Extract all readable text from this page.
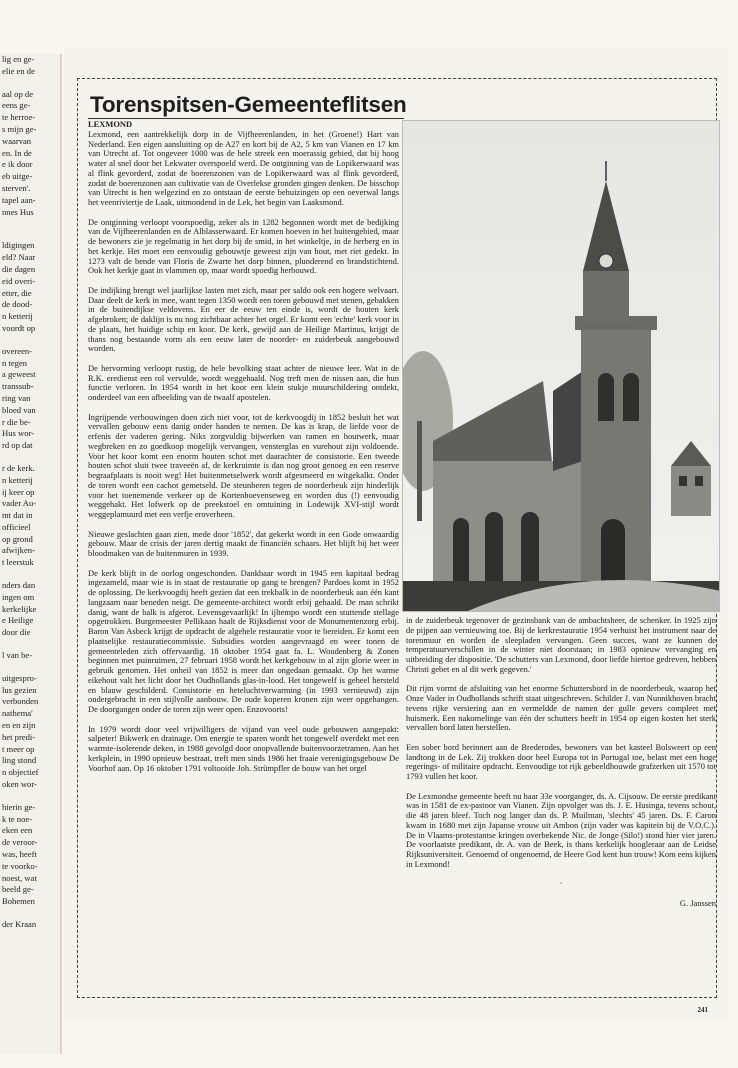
lig en ge-

elie en de

aal op de

eens ge-

te herroe-

s mijn ge-

waarvan

en. In de

e ik door

eb uitge-

sterven'.

tapel aan-

nnes Hus

ldigingen

eld? Naar

die dagen

eid overi-

etter, die

de dood-

n ketterij

voordt op

overeen-

n tegen

a geweest

transsub-

ring van

bloed van

r die be-

Hus wor-

rd op dat

r de kerk.

n ketterij

ij keer op

vader Au-

mt dat in

officieel

op grond

afwijken-

t leerstuk

nders dan

ingen om

kerkelijke

e Heilige

door die

l van be-

uitgespro-

lus gezien

verbonden

nathema'

en en zijn

het predi-

t meer op

ling stond

n objectief

oken wor-

hierin ge-

k te noe-

eken een

de veroor-

was, heeft

te voorko-

noest, wat

beeld ge-

Bohemen

der Kraan

Torenspitsen-Gemeenteflitsen

LEXMOND

Lexmond, een aantrekkelijk dorp in de Vijfheerenlanden, in het (Groene!) Hart van Nederland. Een eigen aansluiting op de A27 en kort bij de A2, 5 km van Vianen en 17 km van Utrecht af. Tot ongeveer 1000 was de hele streek een moerassig gebied, dat bij hoog water al snel door het Lekwater overspoeld werd. De ontginning van de Lopikerwaard was al flink gevorderd, zodat de boerenzonen van de Lopikerwaard was al flink gevorderd, zodat de boerenzonen aan cultivatie van de Overlekse gronden gingen denken. De bisschop van Utrecht is hen welgezind en zo ontstaan de eerste behuizingen op een oeverwal langs het veenriviertje de Laak, uitmondend in de Lek, het begin van Laaksmond.

De ontginning verloopt voorspoedig, zeker als in 1282 begonnen wordt met de bedijking van de Vijfheerenlanden en de Alblasserwaard. Er komen hoeven in het buitengebied, maar de bewoners zie je regelmatig in het dorp bij de smid, in het winkeltje, in de herberg en in het kerkje. Het moet een eenvoudig gebouwtje geweest zijn van hout, met riet gedekt. In 1273 valt de bende van Floris de Zwarte het dorp binnen, plunderend en brandstichtend. Ook het kerkje gaat in vlammen op, maar wordt spoedig herbouwd.

De indijking brengt wel jaarlijkse lasten met zich, maar per saldo ook een hogere welvaart. Daar deelt de kerk in mee, want tegen 1350 wordt een toren gebouwd met stenen, gebakken in de buitendijkse veldovens. En eer de eeuw ten einde is, wordt de houten kerk afgebroken; de daklijn is nu nog zichtbaar achter het orgel. Er komt een 'echte' kerk voor in de plaats, het huidige schip en koor. De kerk, gewijd aan de Heilige Martinus, krijgt de thans nog bestaande vorm als een eeuw later de noorder- en zuiderbeuk aangebouwd worden.

De hervorming verloopt rustig, de hele bevolking staat achter de nieuwe leer. Wat in de R.K. eredienst een rol vervulde, wordt weggehaald. Nog treft men de nissen aan, die hun functie verloren. In 1954 wordt in het koor een klein stukje muurschildering ontdekt, onderdeel van een afbeelding van de twaalf apostelen.

Ingrijpende verbouwingen doen zich niet voor, tot de kerkvoogdij in 1852 besluit het wat vervallen gebouw eens danig onder handen te nemen. De kas is krap, de liefde voor de erfenis der vaderen gering. Niks zorgvuldig bijwerken van ramen en houtwerk, maar wegbreken en zo goedkoop mogelijk vervangen, vensterglas en vurehout zijn voldoende. Voor het koor komt een enorm houten schot met daarachter de consistorie. Een tweede houten schot sluit twee traveeën af, de kerkruimte is dan nog groot genoeg en een reserve begraafplaats is nooit weg! Het buitenmetselwerk wordt afgesmeerd en witgekalkt. Onder de toren wordt een cachot gemetseld. De steunberen tegen de noorderbeuk zijn hinderlijk voor het toenemende verkeer op de Kortenhoevenseweg en worden dus (!) eenvoudig weggehakt. Het lofwerk op de preekstoel en omtuining in Lodewijk XVI-stijl wordt weggeplamuurd met een verfje eroverheen.

Nieuwe geslachten gaan zien, mede door '1852', dat gekerkt wordt in een Gode onwaardig gebouw. Maar de crisis der jaren dertig maakt de financiën schaars. Het blijft bij het weer bloodmaken van de buitenmuren in 1939.

De kerk blijft in de oorlog ongeschonden. Dankbaar wordt in 1945 een kapitaal bedrag ingezameld, maar wie is in staat de restauratie op gang te brengen? Pardoes komt in 1952 de oplossing. De kerkvoogdij heeft gezien dat een trekbalk in de noorderbeuk aan één kant langzaam naar beneden neigt. De gemeente-architect wordt erbij gehaald. De man schrikt danig, want de balk is afgerot. Levensgevaarlijk! In ijltempo wordt een stuttende stellage opgetrokken. Burgemeester Pellikaan haalt de Rijksdienst voor de Monumentenzorg erbij. Baron Van Asbeck krijgt de opdracht de algehele restauratie voor te bereiden. Er komt een plaatselijke restauratiecommissie. Subsidies worden aangevraagd en weer tonen de gemeenteleden zich offervaardig. 18 oktober 1954 gaat fa. L. Woudenberg & Zonen beginnen met puinruimen, 27 februari 1958 wordt het kerkgebouw in al zijn glorie weer in gebruik genomen. Het onheil van 1852 is meer dan ongedaan gemaakt. Op het warme eikehout valt het licht door het Oudhollands glas-in-lood. Het tongewelf is geheel hersteld en blauw geschilderd. Consistorie en heteluchtverwarming (in 1993 vernieuwd) zijn ondergebracht in een stijlvolle aanbouw. De oude koperen kronen zijn weer opgehangen. De doorgangen onder de toren zijn weer open. Enzovoorts!

In 1979 wordt door veel vrijwilligers de vijand van veel oude gebouwen aangepakt: salpeter! Bikwerk en drainage. Om energie te sparen wordt het tongewelf overdekt met een warmte-isolerende deken, in 1988 gevolgd door onopvallende buitenvoorzetramen. Aan het kerkplein, in 1990 opnieuw bestraat, treft men sinds 1986 het fraaie verenigingsgebouw De Voorhof aan. Op 16 oktober 1791 voltooide Joh. Strümpfler de bouw van het orgel

in de zuiderbeuk tegenover de gezinsbank van de ambachtsheer, de schenker. In 1925 zijn de pijpen aan vernieuwing toe. Bij de kerkrestauratie 1954 verhuist het instrument naar de torenmuur en worden de sleepladen vervangen. Geen succes, want ze kunnen de temperatuurverschillen in de winter niet doorstaan; in 1983 opnieuw vervanging en uitbreiding der dispositie. 'De schutters van Lexmond, door liefde hiertoe gedreven, hebben Christi gebet en al dit werk gegeven.'

Dit rijm vormt de afsluiting van het enorme Schuttersbord in de noorderbeuk, waarop het Onze Vader in Oudhollands schrift staat uitgeschreven. Schilder J. van Nunnikhoven bracht tevens rijke versiering aan en vermeldde de namen der gulle gevers compleet met huismerk. Een nakomelinge van één der schutters heeft in 1954 op eigen kosten het sterk vervallen bord laten herstellen.

Een sober bord herinnert aan de Brederodes, bewoners van het kasteel Bolsweert op een landtong in de Lek. Zij trokken door heel Europa tot in Portugal toe, belast met een hoge regerings- of militaire opdracht. Eenvoudige tot rijk gebeeldhouwde grafzerken uit 1570 tot 1793 vullen het koor.

De Lexmondse gemeente heeft nu haar 33e voorganger, ds. A. Cijsouw. De eerste predikant was in 1581 de ex-pastoor van Vianen. Zijn opvolger was ds. J. E. Husinga, tevens schout, die 48 jaren bleef. Toch nog langer dan ds. P. Muilman, 'slechts' 45 jaren. Ds. F. Caron kwam in 1680 met zijn Japanse vrouw uit Ambon (zijn vader was kapitein bij de V.O.C.). De in Vlaams-protestantse kringen overbekende Nic. de Jonge (Silo!) stond hier vier jaren. De voorlaatste predikant, dr. A. van de Beek, is thans kerkelijk hoogleraar aan de Leidse Rijksuniversiteit. Genoemd of ongenoemd, de Heere God kent hun trouw! Kom eens kijken in Lexmond!

·

G. Janssen

241
